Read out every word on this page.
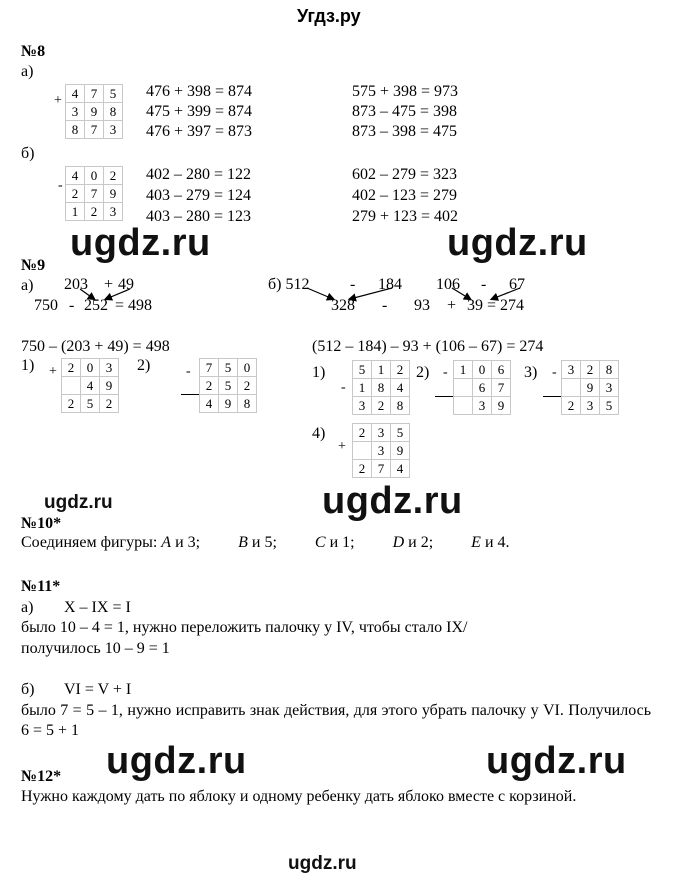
Угдз.ру
№8
а)
+ 4	7	5
3	9	8
8	7	3
476 + 398 = 874
475 + 399 = 874
476 + 397 = 873
575 + 398 = 973
873 – 475 = 398
873 – 398 = 475
б)
-
4	0	2
2	7	9
1	2	3
402 – 280 = 122
403 – 279 = 124
403 – 280 = 123
602 – 279 = 323
402 – 123 = 279
279 + 123 = 402
ugdz.ru	ugdz.ru
№9
а) 203 + 49
750 - 252 = 498
б) 512	- 184 106 - 67
328 - 93 + 39 = 274
750 – (203 + 49) = 498	(512 – 184) – 93 + (106 – 67) = 274
1) + 2	0	3
	4	9
2	5	2
2)	-
	7	5	0
	2	5	2
	4	9	8
1)
-
5	1	2
1	8	4
3	2	8
2) -
	1	0	6
		6	7
		3	9
3) -
	3	2	8
		9	3
	2	3	5
4)
+
2	3	5
	3	9
2	7	4
ugdz.ru	ugdz.ru
№10*
Соединяем фигуры: A и 3; B и 5; C и 1; D и 2; E и 4.
№11*
а) X – IX = I
было 10 – 4 = 1, нужно переложить палочку у IV, чтобы стало IX/
получилось 10 – 9 = 1
б) VI = V + I
было 7 = 5 – 1, нужно исправить знак действия, для этого убрать палочку у VI. Получилось 6 = 5 + 1
ugdz.ru	ugdz.ru
№12*
Нужно каждому дать по яблоку и одному ребенку дать яблоко вместе с корзиной.
ugdz.ru
